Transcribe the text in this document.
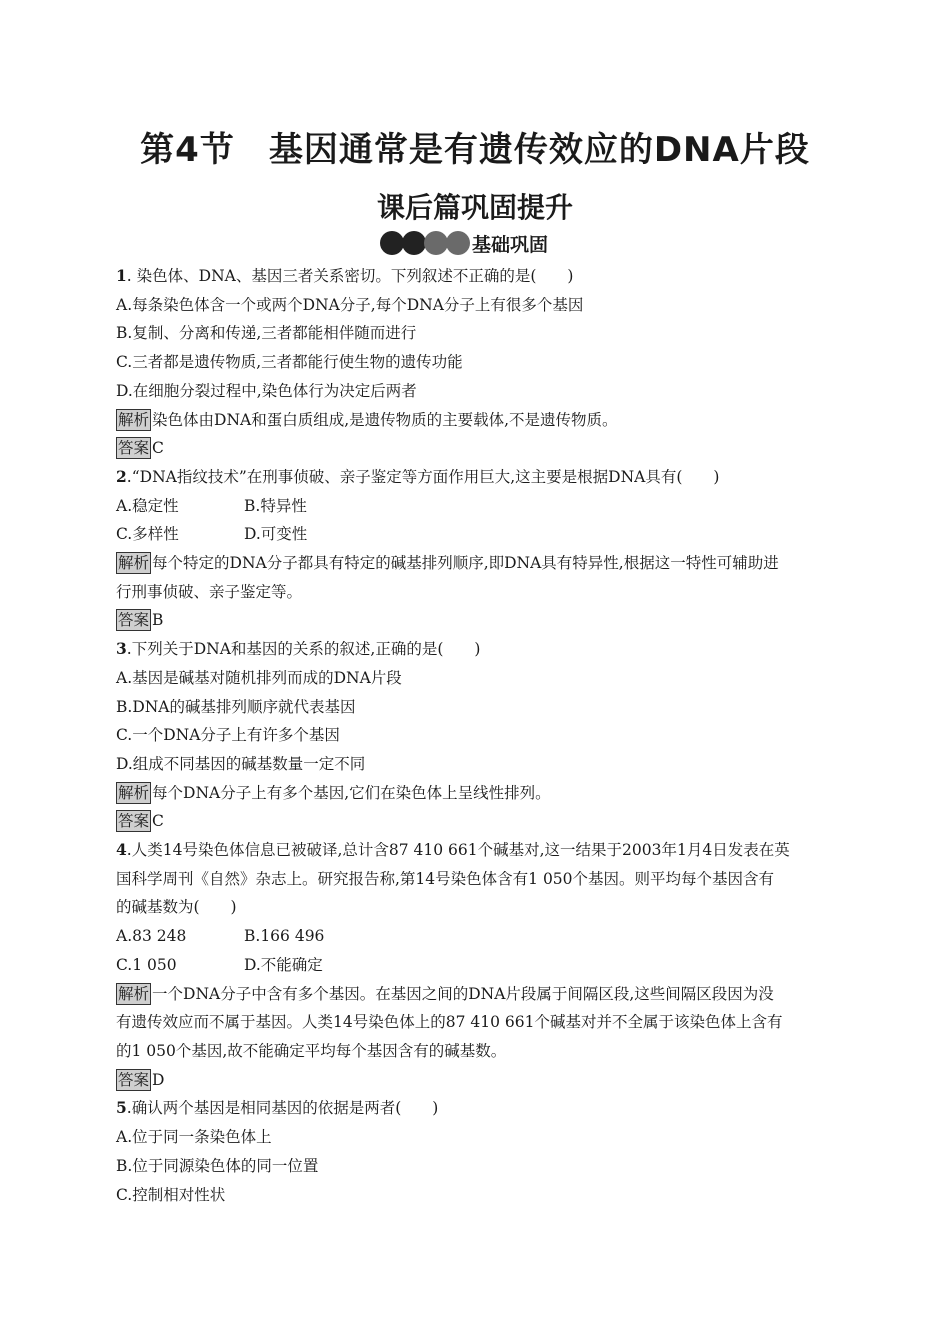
第4节 基因通常是有遗传效应的DNA片段
课后篇巩固提升
基础巩固
1. 染色体、DNA、基因三者关系密切。下列叙述不正确的是(　　)
A.每条染色体含一个或两个DNA分子,每个DNA分子上有很多个基因
B.复制、分离和传递,三者都能相伴随而进行
C.三者都是遗传物质,三者都能行使生物的遗传功能
D.在细胞分裂过程中,染色体行为决定后两者
解析 染色体由DNA和蛋白质组成,是遗传物质的主要载体,不是遗传物质。
答案 C
2.“DNA指纹技术”在刑事侦破、亲子鉴定等方面作用巨大,这主要是根据DNA具有(　　)
A.稳定性	B.特异性
C.多样性	D.可变性
解析 每个特定的DNA分子都具有特定的碱基排列顺序,即DNA具有特异性,根据这一特性可辅助进
行刑事侦破、亲子鉴定等。
答案 B
3.下列关于DNA和基因的关系的叙述,正确的是(　　)
A.基因是碱基对随机排列而成的DNA片段
B.DNA的碱基排列顺序就代表基因
C.一个DNA分子上有许多个基因
D.组成不同基因的碱基数量一定不同
解析 每个DNA分子上有多个基因,它们在染色体上呈线性排列。
答案 C
4.人类14号染色体信息已被破译,总计含87 410 661个碱基对,这一结果于2003年1月4日发表在英
国科学周刊《自然》杂志上。研究报告称,第14号染色体含有1 050个基因。则平均每个基因含有
的碱基数为(　　)
A.83 248	B.166 496
C.1 050	D.不能确定
解析 一个DNA分子中含有多个基因。在基因之间的DNA片段属于间隔区段,这些间隔区段因为没
有遗传效应而不属于基因。人类14号染色体上的87 410 661个碱基对并不全属于该染色体上含有
的1 050个基因,故不能确定平均每个基因含有的碱基数。
答案 D
5.确认两个基因是相同基因的依据是两者(　　)
A.位于同一条染色体上
B.位于同源染色体的同一位置
C.控制相对性状
